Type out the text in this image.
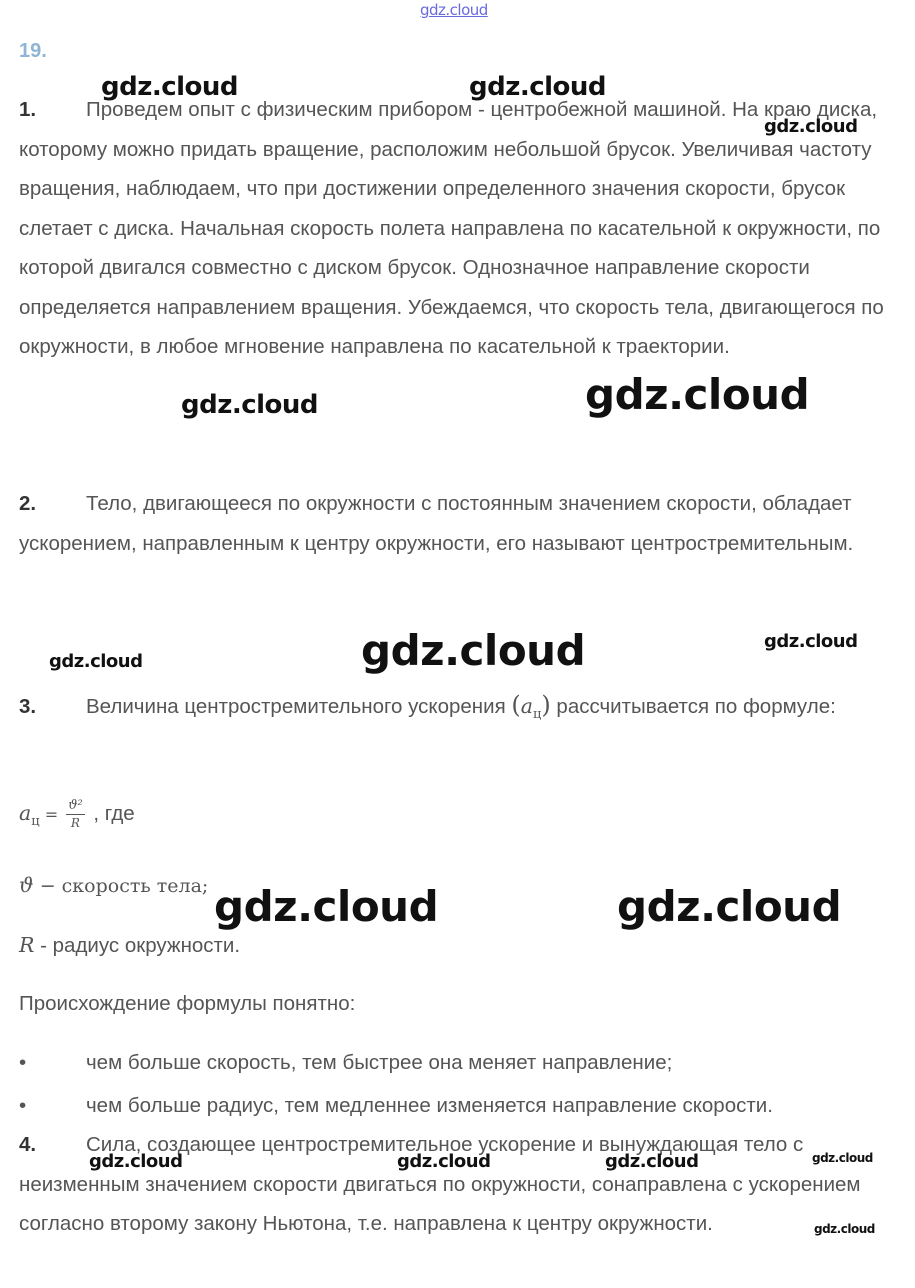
gdz.cloud
19.
1. Проведем опыт с физическим прибором - центробежной машиной. На краю диска, которому можно придать вращение, расположим небольшой брусок. Увеличивая частоту вращения, наблюдаем, что при достижении определенного значения скорости, брусок слетает с диска. Начальная скорость полета направлена по касательной к окружности, по которой двигался совместно с диском брусок. Однозначное направление скорости определяется направлением вращения. Убеждаемся, что скорость тела, двигающегося по окружности, в любое мгновение направлена по касательной к траектории.
2. Тело, двигающееся по окружности с постоянным значением скорости, обладает ускорением, направленным к центру окружности, его называют центростремительным.
3. Величина центростремительного ускорения $(a_ц)$ рассчитывается по формуле:
$a_ц = \frac{\text{ϑ²}}{R}$ , где
ϑ − скорость тела;
R - радиус окружности.
Происхождение формулы понятно:
•	чем больше скорость, тем быстрее она меняет направление;
•	чем больше радиус, тем медленнее изменяется направление скорости.
4. Сила, создающее центростремительное ускорение и вынуждающая тело с неизменным значением скорости двигаться по окружности, сонаправлена с ускорением согласно второму закону Ньютона, т.е. направлена к центру окружности.
gdz.cloud	gdz.cloud
gdz.cloud
gdz.cloud
gdz.cloud
gdz.cloud	gdz.cloud
gdz.cloud
gdz.cloud	gdz.cloud
gdz.cloud	gdz.cloud	gdz.cloud	gdz.cloud
gdz.cloud
